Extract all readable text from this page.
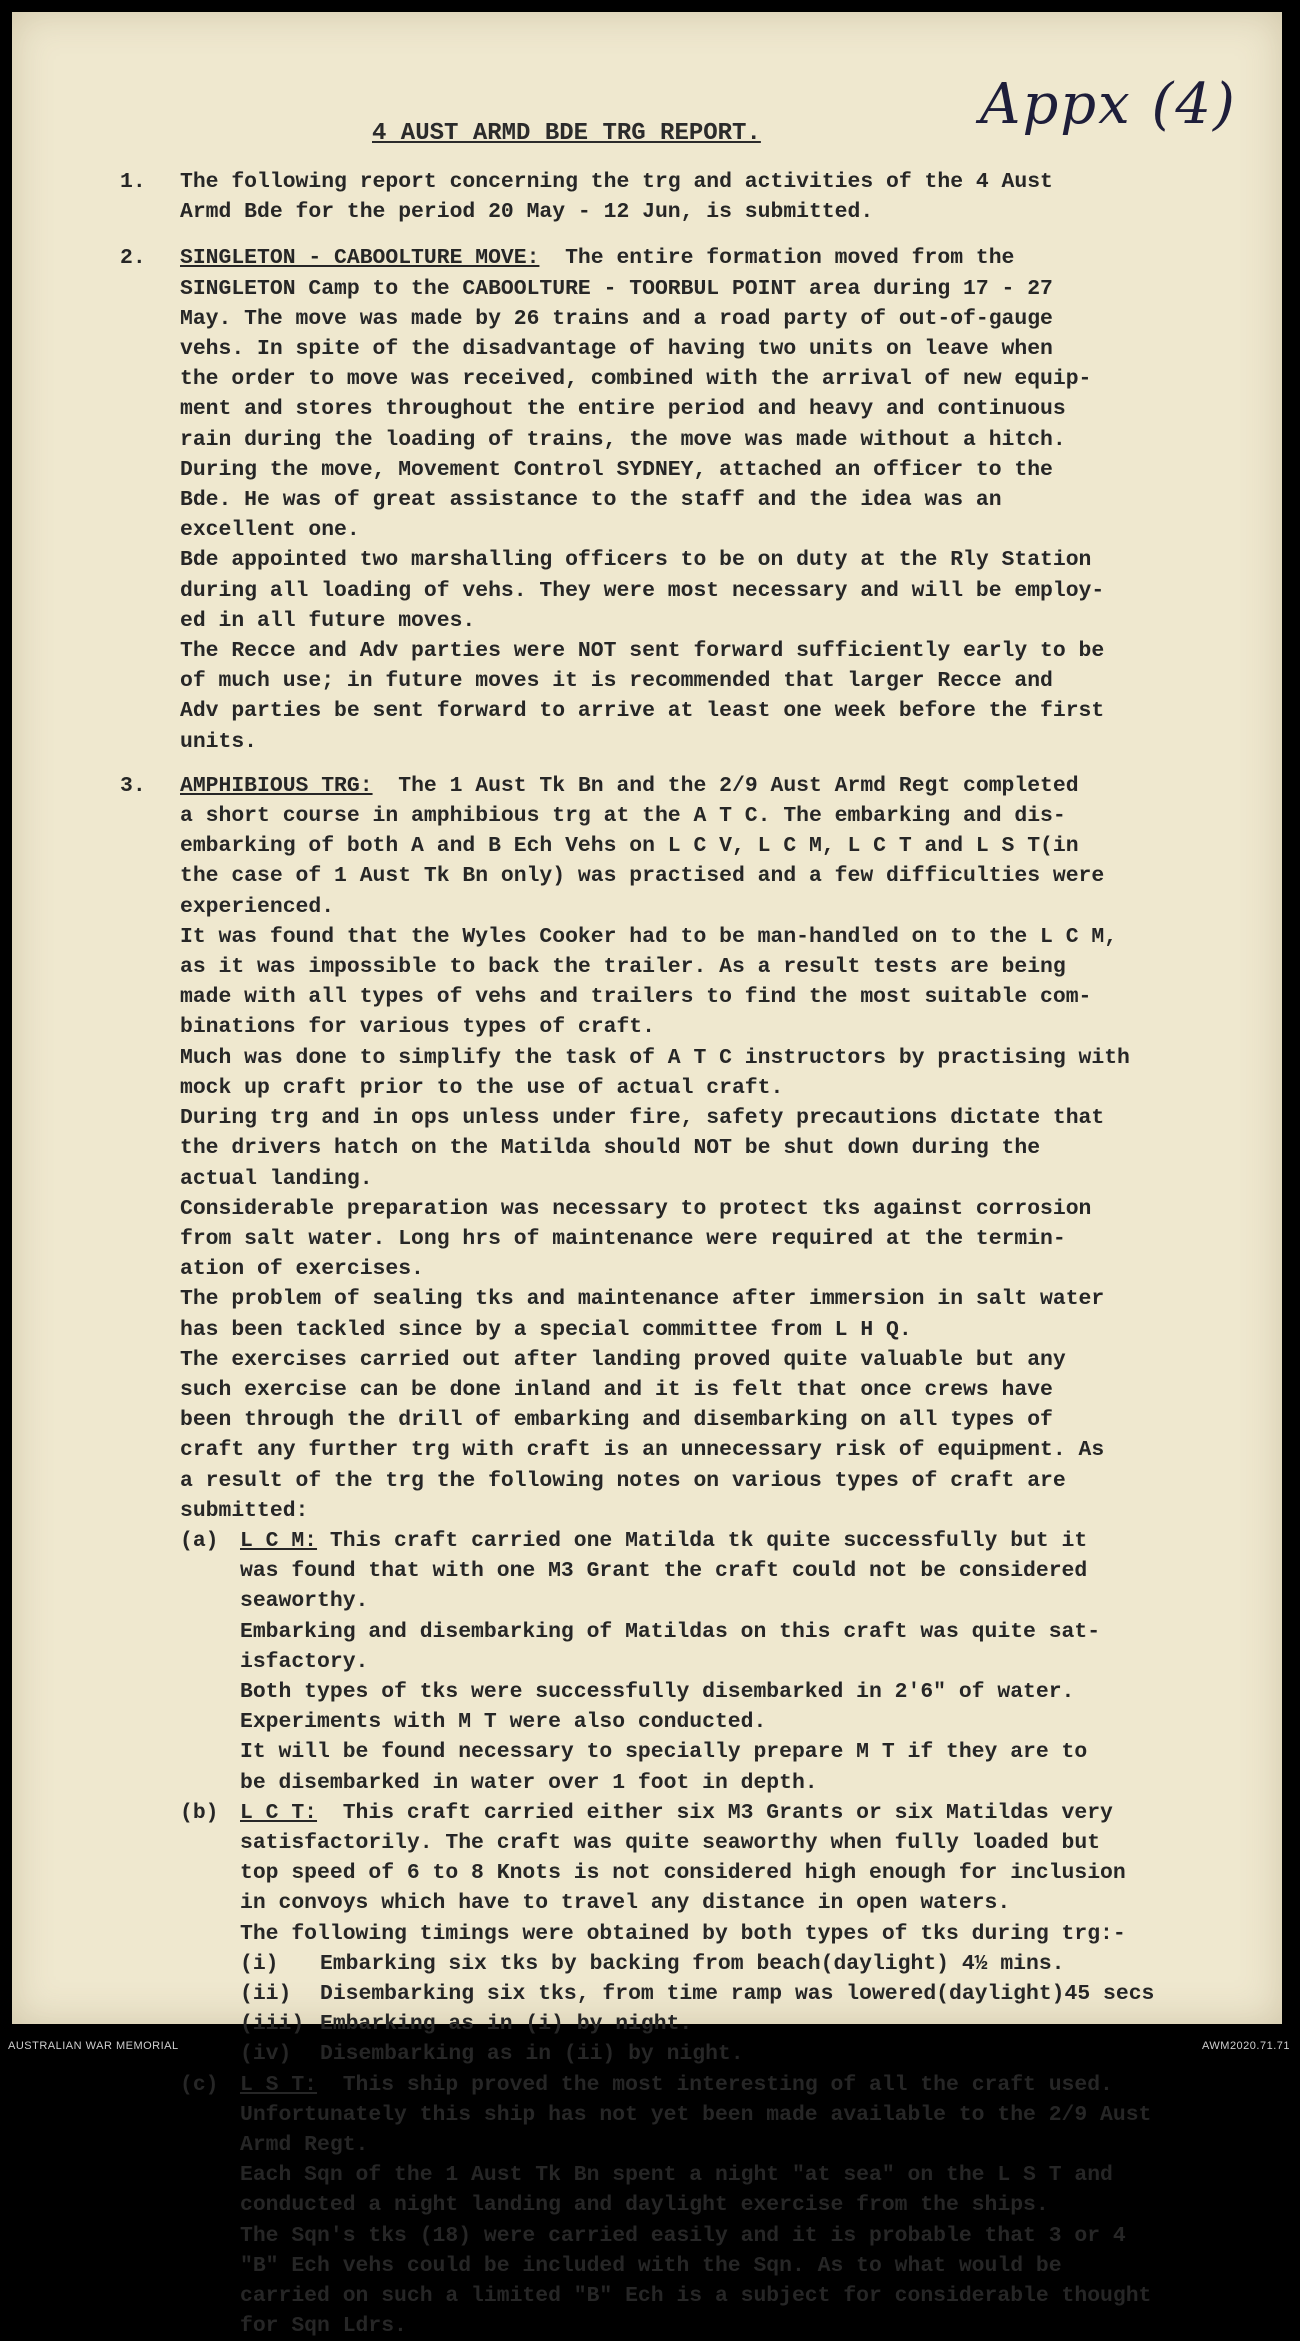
Appx (4)
4 AUST ARMD BDE TRG REPORT.
1. The following report concerning the trg and activities of the 4 Aust
Armd Bde for the period 20 May - 12 Jun, is submitted.
2. SINGLETON - CABOOLTURE MOVE:  The entire formation moved from the
SINGLETON Camp to the CABOOLTURE - TOORBUL POINT area during 17 - 27
May. The move was made by 26 trains and a road party of out-of-gauge
vehs. In spite of the disadvantage of having two units on leave when
the order to move was received, combined with the arrival of new equip-
ment and stores throughout the entire period and heavy and continuous
rain during the loading of trains, the move was made without a hitch.
During the move, Movement Control SYDNEY, attached an officer to the
Bde. He was of great assistance to the staff and the idea was an
excellent one.
Bde appointed two marshalling officers to be on duty at the Rly Station
during all loading of vehs. They were most necessary and will be employ-
ed in all future moves.
The Recce and Adv parties were NOT sent forward sufficiently early to be
of much use; in future moves it is recommended that larger Recce and
Adv parties be sent forward to arrive at least one week before the first
units.
3. AMPHIBIOUS TRG:  The 1 Aust Tk Bn and the 2/9 Aust Armd Regt completed
a short course in amphibious trg at the A T C. The embarking and dis-
embarking of both A and B Ech Vehs on L C V, L C M, L C T and L S T(in
the case of 1 Aust Tk Bn only) was practised and a few difficulties were
experienced.
It was found that the Wyles Cooker had to be man-handled on to the L C M,
as it was impossible to back the trailer. As a result tests are being
made with all types of vehs and trailers to find the most suitable com-
binations for various types of craft.
Much was done to simplify the task of A T C instructors by practising with
mock up craft prior to the use of actual craft.
During trg and in ops unless under fire, safety precautions dictate that
the drivers hatch on the Matilda should NOT be shut down during the
actual landing.
Considerable preparation was necessary to protect tks against corrosion
from salt water. Long hrs of maintenance were required at the termin-
ation of exercises.
The problem of sealing tks and maintenance after immersion in salt water
has been tackled since by a special committee from L H Q.
The exercises carried out after landing proved quite valuable but any
such exercise can be done inland and it is felt that once crews have
been through the drill of embarking and disembarking on all types of
craft any further trg with craft is an unnecessary risk of equipment. As
a result of the trg the following notes on various types of craft are
submitted:
(a) L C M: This craft carried one Matilda tk quite successfully but it
was found that with one M3 Grant the craft could not be considered
seaworthy.
Embarking and disembarking of Matildas on this craft was quite sat-
isfactory.
Both types of tks were successfully disembarked in 2'6" of water.
Experiments with M T were also conducted.
It will be found necessary to specially prepare M T if they are to
be disembarked in water over 1 foot in depth.
(b) L C T:  This craft carried either six M3 Grants or six Matildas very
satisfactorily. The craft was quite seaworthy when fully loaded but
top speed of 6 to 8 Knots is not considered high enough for inclusion
in convoys which have to travel any distance in open waters.
The following timings were obtained by both types of tks during trg:-
(i)	Embarking six tks by backing from beach(daylight) 4½ mins.
(ii)	Disembarking six tks, from time ramp was lowered(daylight)45 secs
(iii) Embarking as in (i) by night.
(iv)	Disembarking as in (ii) by night.
(c) L S T:  This ship proved the most interesting of all the craft used.
Unfortunately this ship has not yet been made available to the 2/9 Aust
Armd Regt.
Each Sqn of the 1 Aust Tk Bn spent a night "at sea" on the L S T and
conducted a night landing and daylight exercise from the ships.
The Sqn's tks (18) were carried easily and it is probable that 3 or 4
"B" Ech vehs could be included with the Sqn. As to what would be
carried on such a limited "B" Ech is a subject for considerable thought
for Sqn Ldrs.
AUSTRALIAN WAR MEMORIAL	AWM2020.71.71
